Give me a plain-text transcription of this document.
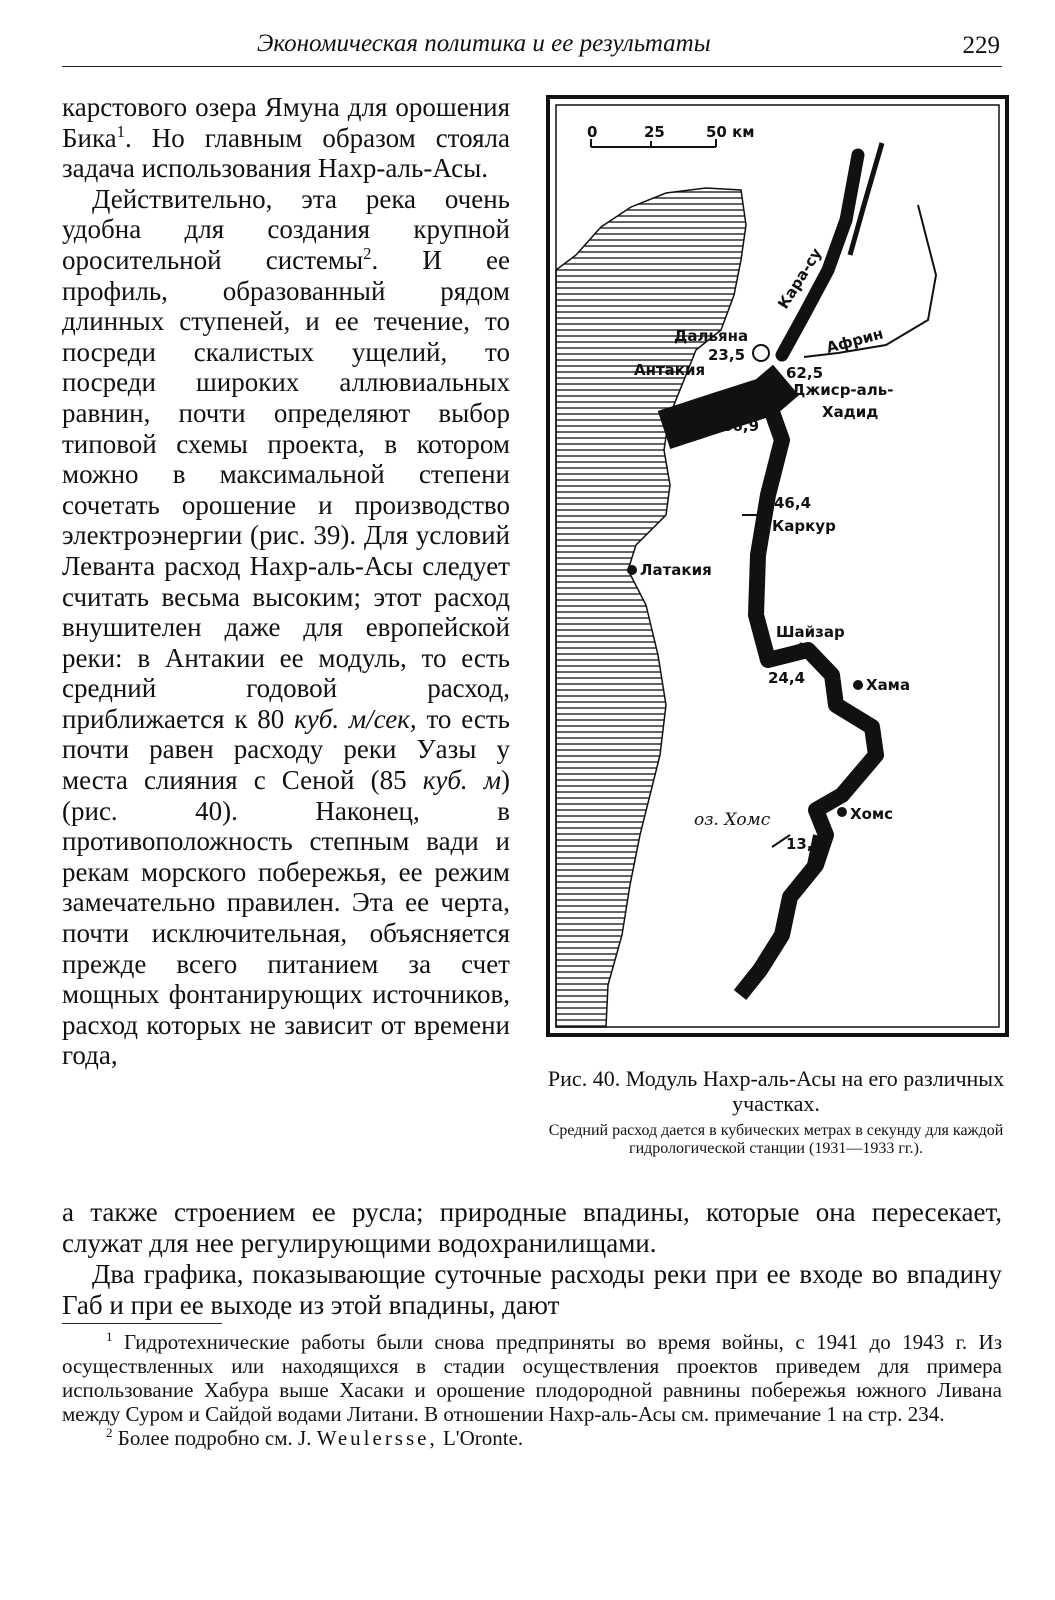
Экономическая политика и ее результаты	229

карстового озера Ямуна для орошения Бика$^1$. Но главным образом стояла задача использования Нахр-аль-Асы.

Действительно, эта река очень удобна для создания крупной оросительной системы$^2$. И ее профиль, образованный рядом длинных ступеней, и ее течение, то посреди скалистых ущелий, то посреди широких аллювиальных равнин, почти определяют выбор типовой схемы проекта, в котором можно в максимальной степени сочетать орошение и производство электроэнергии (рис. 39). Для условий Леванта расход Нахр-аль-Асы следует считать весьма высоким; этот расход внушителен даже для европейской реки: в Антакии ее модуль, то есть средний годовой расход, приближается к 80 куб. м/сек, то есть почти равен расходу реки Уазы у места слияния с Сеной (85 куб. м) (рис. 40). Наконец, в противоположность степным вади и рекам морского побережья, ее режим замечательно правилен. Эта ее черта, почти исключительная, объясняется прежде всего питанием за счет мощных фонтанирующих источников, расход которых не зависит от времени года,

0	25	50 км
Кара-су
Африн
Дальяна
23,5
Антакия	62,5
Джиср-аль-
Хадид
86,9
46,4
Каркур
Латакия
Шайзар
24,4	Хама
оз. Хомс	Хомс
13,5

Рис. 40. Модуль Нахр-аль-Асы на его различных участках.

Средний расход дается в кубических метрах в секунду для каждой гидрологической станции (1931—1933 гг.).

а также строением ее русла; природные впадины, которые она пересекает, служат для нее регулирующими водохранилищами.

Два графика, показывающие суточные расходы реки при ее входе во впадину Габ и при ее выходе из этой впадины, дают

$^1$ Гидротехнические работы были снова предприняты во время войны, с 1941 до 1943 г. Из осуществленных или находящихся в стадии осуществления проектов приведем для примера использование Хабура выше Хасаки и орошение плодородной равнины побережья южного Ливана между Суром и Сайдой водами Литани. В отношении Нахр-аль-Асы см. примечание 1 на стр. 234.

$^2$ Более подробно см. J. Weulersse, L'Oronte.
